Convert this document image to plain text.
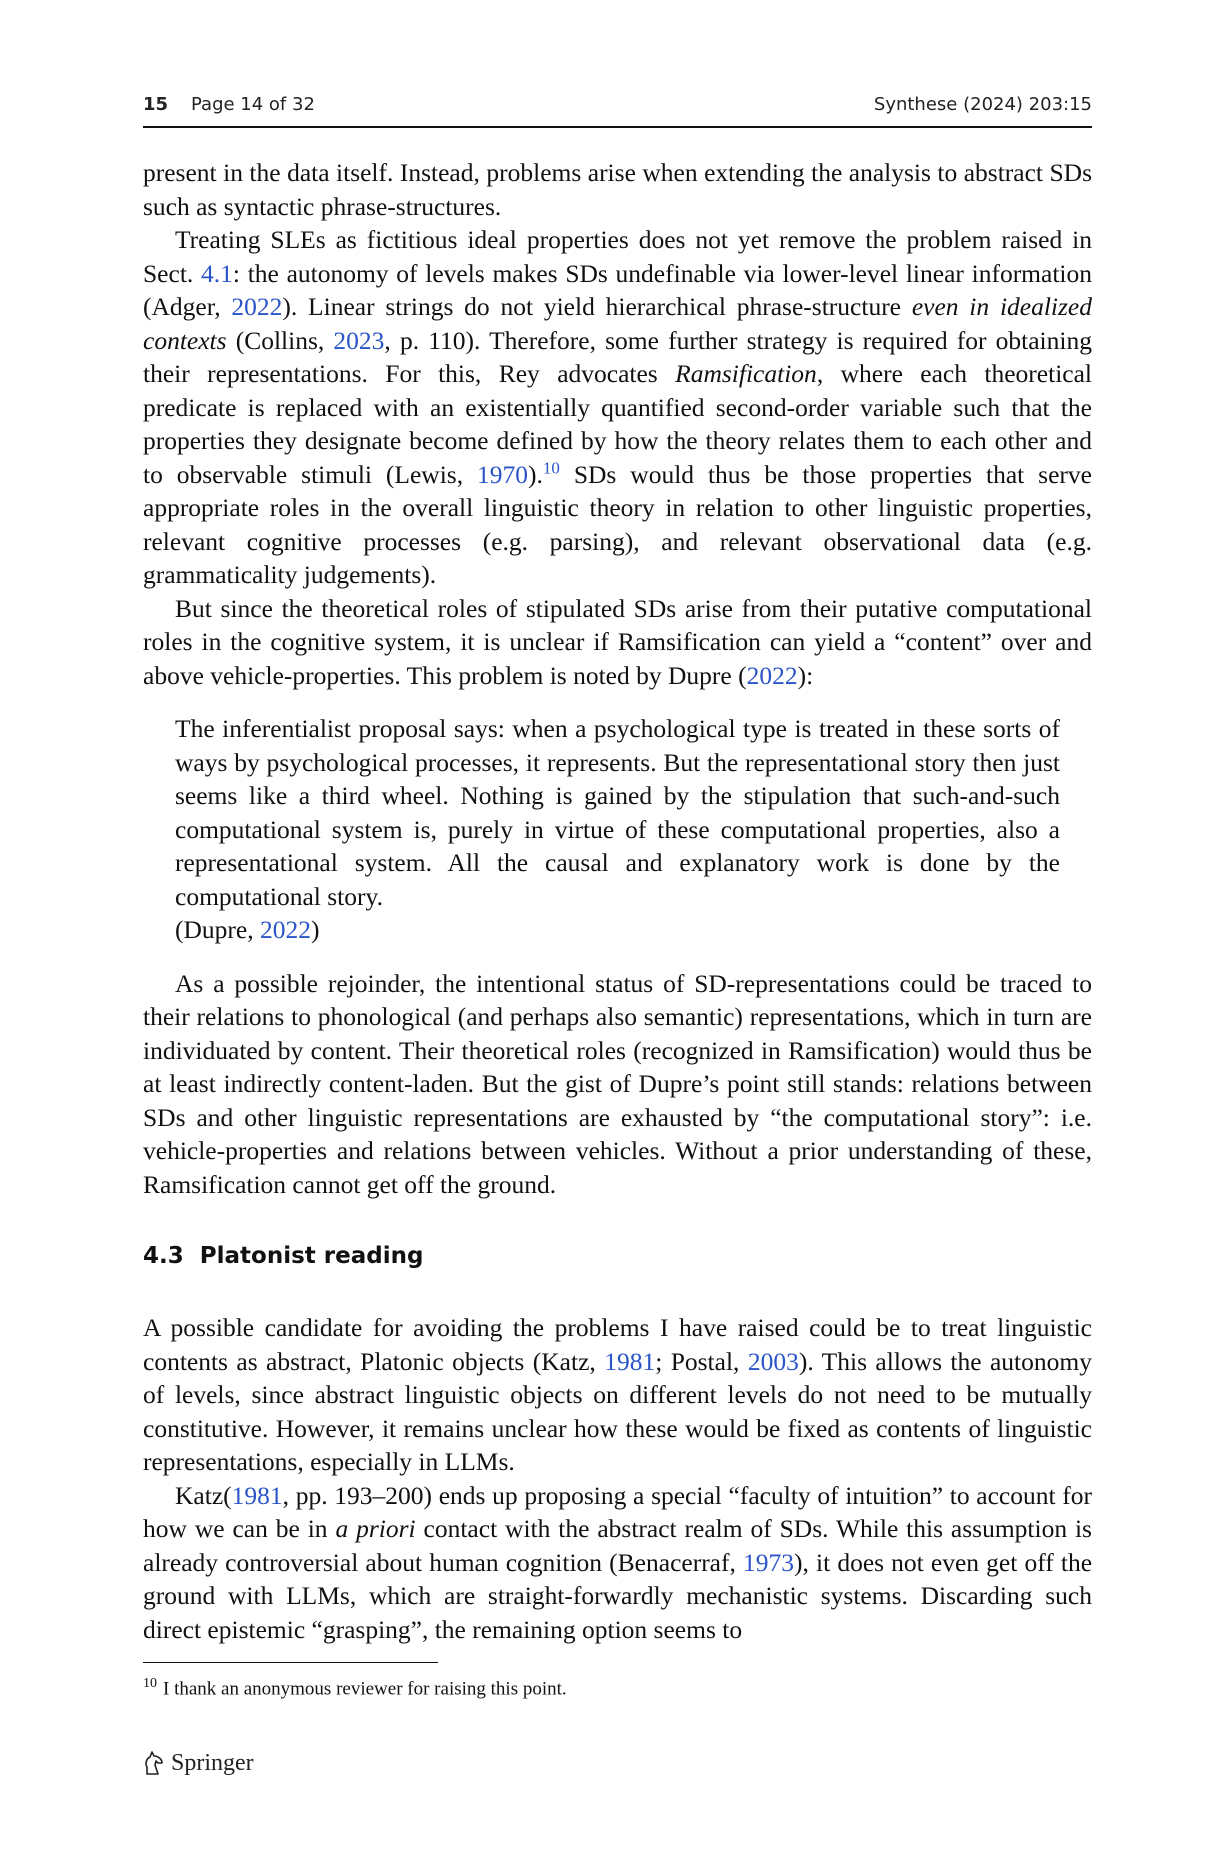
15 Page 14 of 32	Synthese (2024) 203:15

present in the data itself. Instead, problems arise when extending the analysis to abstract SDs such as syntactic phrase-structures.

Treating SLEs as fictitious ideal properties does not yet remove the problem raised in Sect. 4.1: the autonomy of levels makes SDs undefinable via lower-level linear information (Adger, 2022). Linear strings do not yield hierarchical phrase-structure even in idealized contexts (Collins, 2023, p. 110). Therefore, some further strategy is required for obtaining their representations. For this, Rey advocates Ramsification, where each theoretical predicate is replaced with an existentially quantified second-order variable such that the properties they designate become defined by how the theory relates them to each other and to observable stimuli (Lewis, 1970).$^{10}$ SDs would thus be those properties that serve appropriate roles in the overall linguistic theory in relation to other linguistic properties, relevant cognitive processes (e.g. parsing), and relevant observational data (e.g. grammaticality judgements).

But since the theoretical roles of stipulated SDs arise from their putative computational roles in the cognitive system, it is unclear if Ramsification can yield a “content” over and above vehicle-properties. This problem is noted by Dupre (2022):

The inferentialist proposal says: when a psychological type is treated in these sorts of ways by psychological processes, it represents. But the representational story then just seems like a third wheel. Nothing is gained by the stipulation that such-and-such computational system is, purely in virtue of these computational properties, also a representational system. All the causal and explanatory work is done by the computational story.

(Dupre, 2022)

As a possible rejoinder, the intentional status of SD-representations could be traced to their relations to phonological (and perhaps also semantic) representations, which in turn are individuated by content. Their theoretical roles (recognized in Ramsification) would thus be at least indirectly content-laden. But the gist of Dupre’s point still stands: relations between SDs and other linguistic representations are exhausted by “the computational story”: i.e. vehicle-properties and relations between vehicles. Without a prior understanding of these, Ramsification cannot get off the ground.

4.3 Platonist reading

A possible candidate for avoiding the problems I have raised could be to treat linguistic contents as abstract, Platonic objects (Katz, 1981; Postal, 2003). This allows the autonomy of levels, since abstract linguistic objects on different levels do not need to be mutually constitutive. However, it remains unclear how these would be fixed as contents of linguistic representations, especially in LLMs.

Katz(1981, pp. 193–200) ends up proposing a special “faculty of intuition” to account for how we can be in a priori contact with the abstract realm of SDs. While this assumption is already controversial about human cognition (Benacerraf, 1973), it does not even get off the ground with LLMs, which are straight-forwardly mechanistic systems. Discarding such direct epistemic “grasping”, the remaining option seems to

$^{10}$ I thank an anonymous reviewer for raising this point.
Springer
